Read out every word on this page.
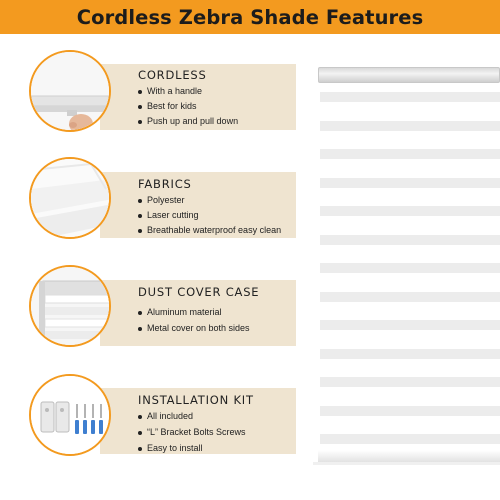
Cordless Zebra Shade Features
CORDLESS
With a handle
Best for kids
Push up and pull down
FABRICS
Polyester
Laser cutting
Breathable waterproof easy clean
DUST COVER CASE
Aluminum material
Metal cover on both sides
INSTALLATION KIT
All included
“L” Bracket Bolts Screws
Easy to install
